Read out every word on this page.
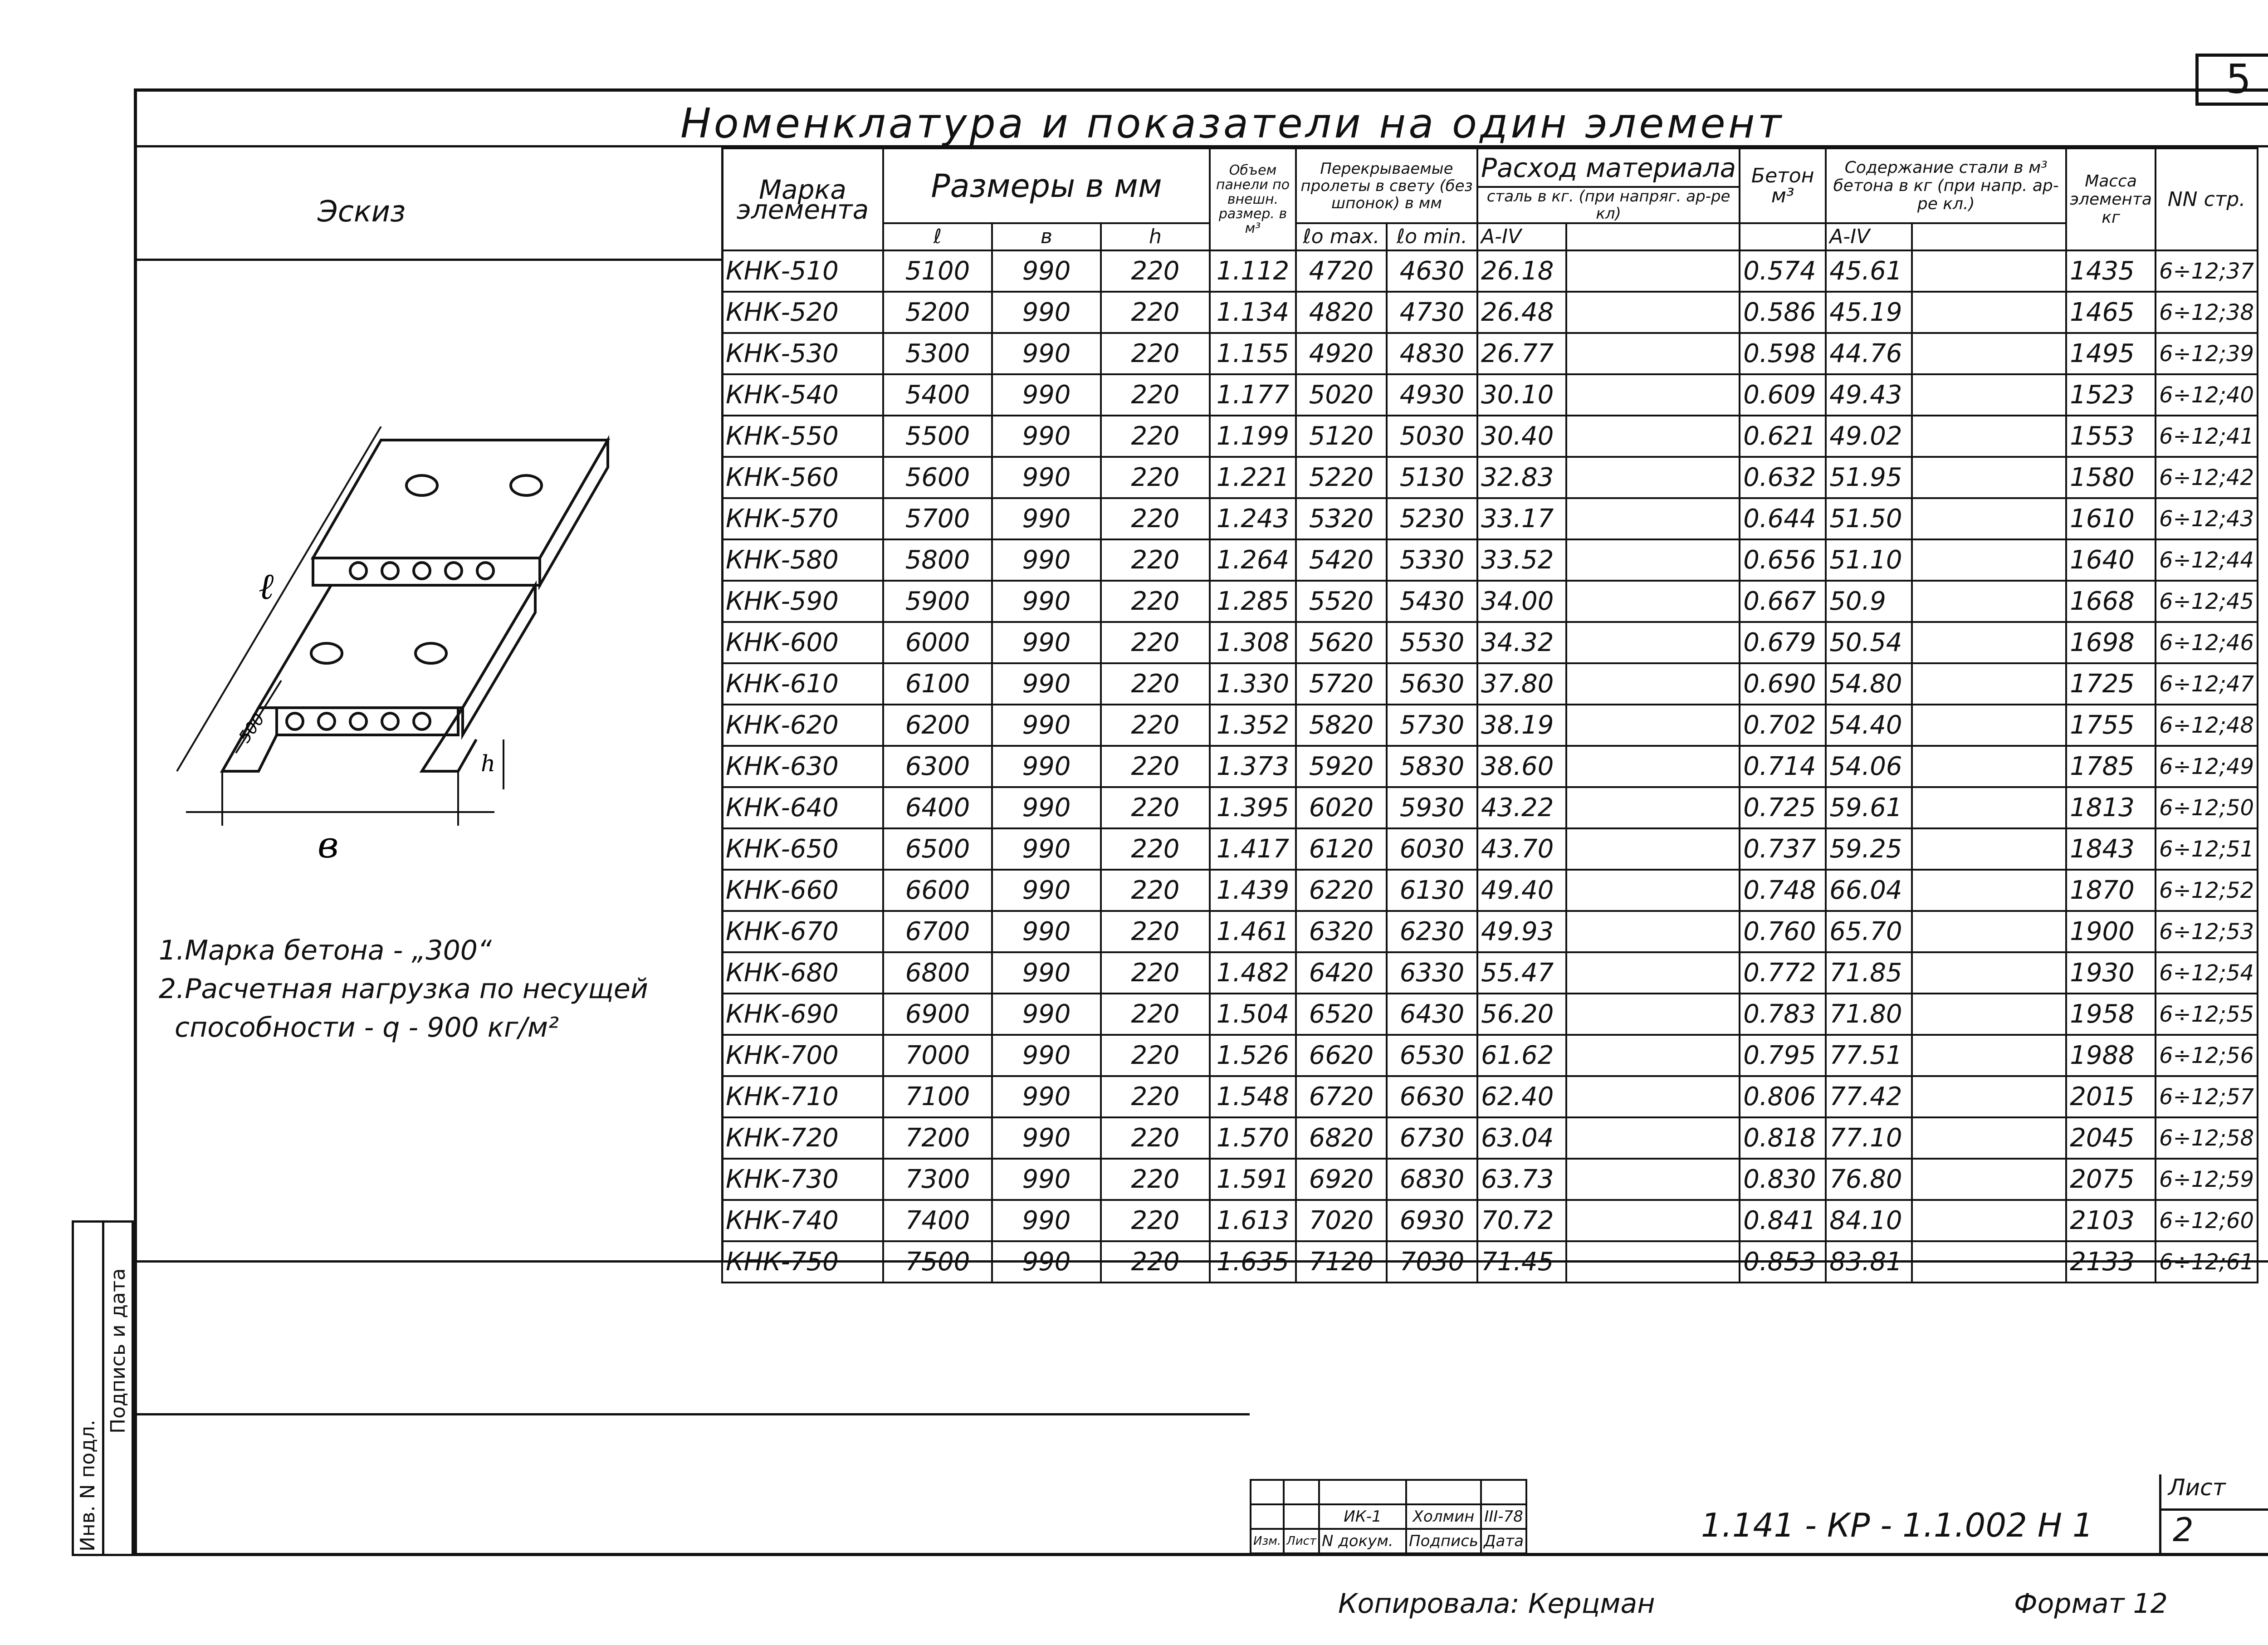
5
Номенклатура и показатели на один элемент
Эскиз
ℓ
в
h
500
1.Марка бетона - „300“
2.Расчетная нагрузка по несущей
способности - q - 900 кг/м²
Марка элемента	Размеры в мм			Объем панели по внешн. размер. в м³	Перекрываемые пролеты в свету (без шпонок) в мм		Расход материала		Бетон м³	Содержание стали в м³ бетона в кг (при напр. ар-ре кл.)		Масса элемента кг	NN стр.
							сталь в кг. (при напряг. ар-ре кл)						
	ℓ	в	h		ℓo max.	ℓo min.	А-IV			А-IV			
КНК-510	5100	990	220	1.112	4720	4630	26.18		0.574	45.61		1435	6÷12;37
КНК-520	5200	990	220	1.134	4820	4730	26.48		0.586	45.19		1465	6÷12;38
КНК-530	5300	990	220	1.155	4920	4830	26.77		0.598	44.76		1495	6÷12;39
КНК-540	5400	990	220	1.177	5020	4930	30.10		0.609	49.43		1523	6÷12;40
КНК-550	5500	990	220	1.199	5120	5030	30.40		0.621	49.02		1553	6÷12;41
КНК-560	5600	990	220	1.221	5220	5130	32.83		0.632	51.95		1580	6÷12;42
КНК-570	5700	990	220	1.243	5320	5230	33.17		0.644	51.50		1610	6÷12;43
КНК-580	5800	990	220	1.264	5420	5330	33.52		0.656	51.10		1640	6÷12;44
КНК-590	5900	990	220	1.285	5520	5430	34.00		0.667	50.9		1668	6÷12;45
КНК-600	6000	990	220	1.308	5620	5530	34.32		0.679	50.54		1698	6÷12;46
КНК-610	6100	990	220	1.330	5720	5630	37.80		0.690	54.80		1725	6÷12;47
КНК-620	6200	990	220	1.352	5820	5730	38.19		0.702	54.40		1755	6÷12;48
КНК-630	6300	990	220	1.373	5920	5830	38.60		0.714	54.06		1785	6÷12;49
КНК-640	6400	990	220	1.395	6020	5930	43.22		0.725	59.61		1813	6÷12;50
КНК-650	6500	990	220	1.417	6120	6030	43.70		0.737	59.25		1843	6÷12;51
КНК-660	6600	990	220	1.439	6220	6130	49.40		0.748	66.04		1870	6÷12;52
КНК-670	6700	990	220	1.461	6320	6230	49.93		0.760	65.70		1900	6÷12;53
КНК-680	6800	990	220	1.482	6420	6330	55.47		0.772	71.85		1930	6÷12;54
КНК-690	6900	990	220	1.504	6520	6430	56.20		0.783	71.80		1958	6÷12;55
КНК-700	7000	990	220	1.526	6620	6530	61.62		0.795	77.51		1988	6÷12;56
КНК-710	7100	990	220	1.548	6720	6630	62.40		0.806	77.42		2015	6÷12;57
КНК-720	7200	990	220	1.570	6820	6730	63.04		0.818	77.10		2045	6÷12;58
КНК-730	7300	990	220	1.591	6920	6830	63.73		0.830	76.80		2075	6÷12;59
КНК-740	7400	990	220	1.613	7020	6930	70.72		0.841	84.10		2103	6÷12;60
КНК-750	7500	990	220	1.635	7120	7030	71.45		0.853	83.81		2133	6÷12;61
Инв. N подл.
Подпись и дата

		ИК-1	Холмин	III-78
Изм.	Лист	N докум.	Подпись	Дата	1.141 - КР - 1.1.002 Н 1
Лист
2
Копировала: Керцман	Формат 12
